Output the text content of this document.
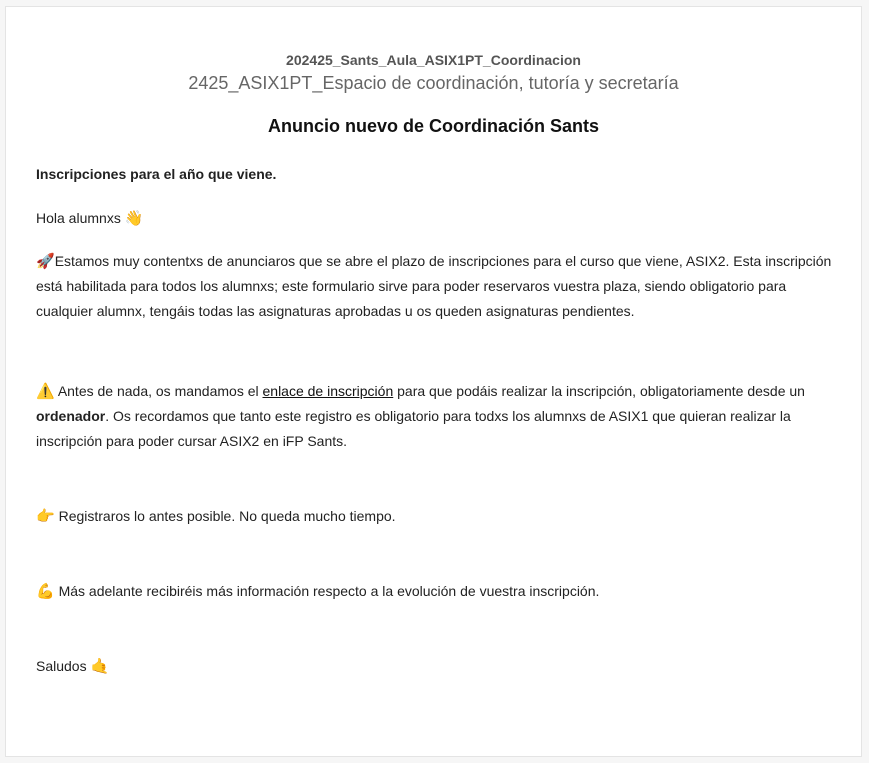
202425_Sants_Aula_ASIX1PT_Coordinacion
2425_ASIX1PT_Espacio de coordinación, tutoría y secretaría
Anuncio nuevo de Coordinación Sants
Inscripciones para el año que viene.
Hola alumnxs 👋
🚀Estamos muy contentxs de anunciaros que se abre el plazo de inscripciones para el curso que viene, ASIX2. Esta inscripción está habilitada para todos los alumnxs; este formulario sirve para poder reservaros vuestra plaza, siendo obligatorio para cualquier alumnx, tengáis todas las asignaturas aprobadas u os queden asignaturas pendientes.
⚠️ Antes de nada, os mandamos el enlace de inscripción para que podáis realizar la inscripción, obligatoriamente desde un ordenador. Os recordamos que tanto este registro es obligatorio para todxs los alumnxs de ASIX1 que quieran realizar la inscripción para poder cursar ASIX2 en iFP Sants.
👉 Registraros lo antes posible. No queda mucho tiempo.
💪 Más adelante recibiréis más información respecto a la evolución de vuestra inscripción.
Saludos 🤙
